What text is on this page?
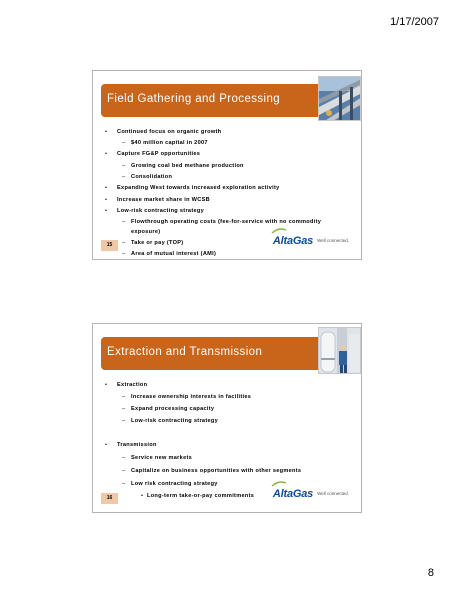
1/17/2007
Field Gathering and Processing
• Continued focus on organic growth
– $40 million capital in 2007
• Capture FG&P opportunities
– Growing coal bed methane production
– Consolidation
• Expanding West towards increased exploration activity
• Increase market share in WCSB
• Low-risk contracting strategy
– Flowthrough operating costs (fee-for-service with no commodity
exposure)
– Take or pay (TOP)
– Area of mutual interest (AMI)
15	AltaGas Well connected.
Extraction and Transmission
• Extraction
– Increase ownership interests in facilities
– Expand processing capacity
– Low-risk contracting strategy
• Transmission
– Service new markets
– Capitalize on business opportunities with other segments
– Low risk contracting strategy
• Long-term take-or-pay commitments
16	AltaGas Well connected.
8
